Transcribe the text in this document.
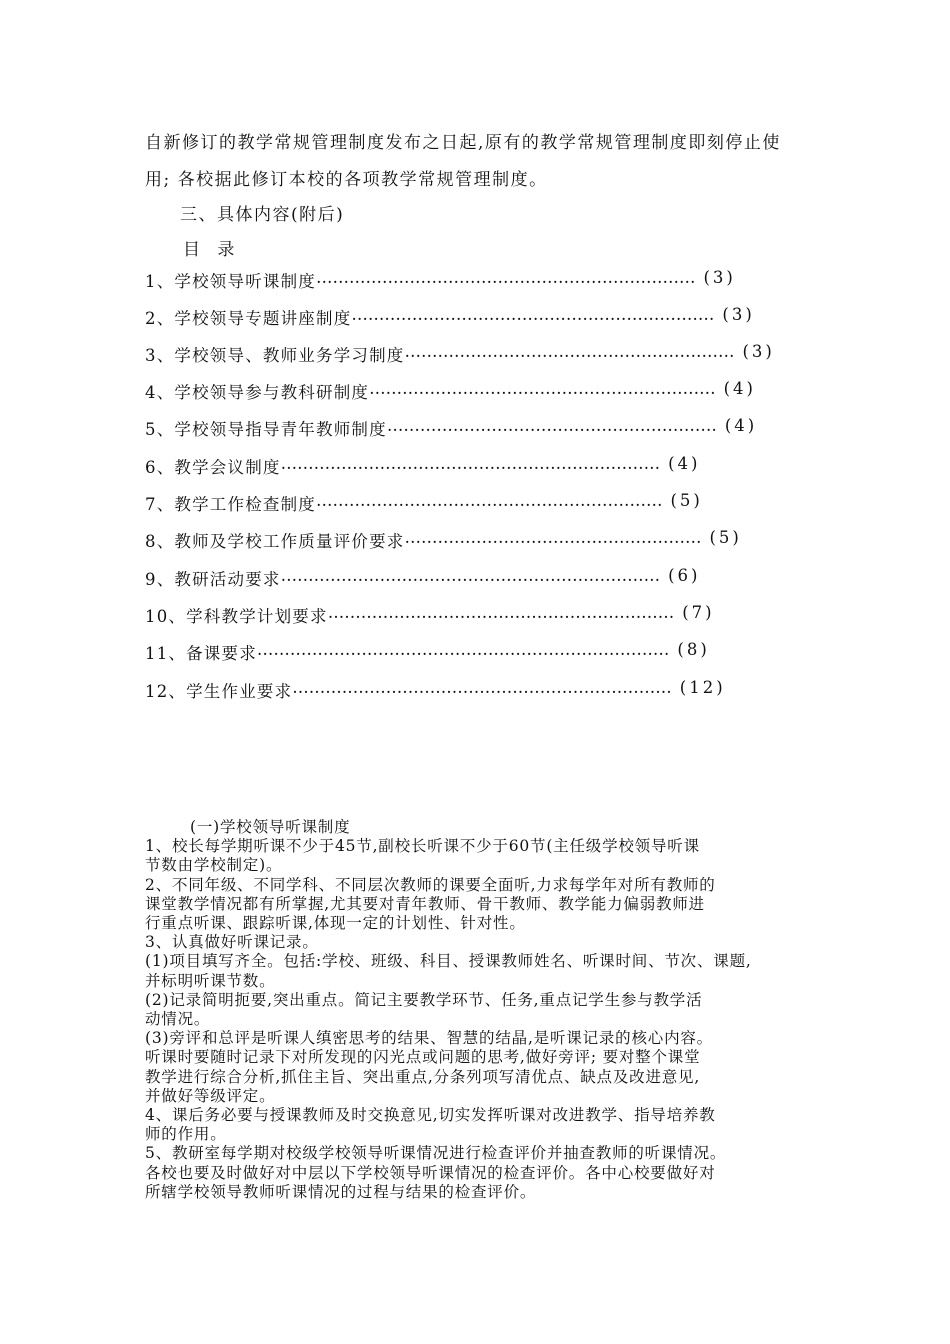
自新修订的教学常规管理制度发布之日起,原有的教学常规管理制度即刻停止使
用; 各校据此修订本校的各项教学常规管理制度。
三、具体内容(附后)
目 录
1、学校领导听课制度 …………………………………………………………… (3)
2、学校领导专题讲座制度 ………………………………………………………… (3)
3、学校领导、教师业务学习制度 …………………………………………………… (3)
4、学校领导参与教科研制度 ……………………………………………………… (4)
5、学校领导指导青年教师制度 …………………………………………………… (4)
6、教学会议制度 …………………………………………………………… (4)
7、教学工作检查制度 ……………………………………………………… (5)
8、教师及学校工作质量评价要求 ……………………………………………… (5)
9、教研活动要求 …………………………………………………………… (6)
10、学科教学计划要求 ……………………………………………………… (7)
11、备课要求 ………………………………………………………………… (8)
12、学生作业要求 …………………………………………………………… (12)
(一)学校领导听课制度
1、校长每学期听课不少于45节,副校长听课不少于60节(主任级学校领导听课
节数由学校制定)。
2、不同年级、不同学科、不同层次教师的课要全面听,力求每学年对所有教师的
课堂教学情况都有所掌握,尤其要对青年教师、骨干教师、教学能力偏弱教师进
行重点听课、跟踪听课,体现一定的计划性、针对性。
3、认真做好听课记录。
(1)项目填写齐全。包括:学校、班级、科目、授课教师姓名、听课时间、节次、课题,
并标明听课节数。
(2)记录简明扼要,突出重点。简记主要教学环节、任务,重点记学生参与教学活
动情况。
(3)旁评和总评是听课人缜密思考的结果、智慧的结晶,是听课记录的核心内容。
听课时要随时记录下对所发现的闪光点或问题的思考,做好旁评; 要对整个课堂
教学进行综合分析,抓住主旨、突出重点,分条列项写清优点、缺点及改进意见,
并做好等级评定。
4、课后务必要与授课教师及时交换意见,切实发挥听课对改进教学、指导培养教
师的作用。
5、教研室每学期对校级学校领导听课情况进行检查评价并抽查教师的听课情况。
各校也要及时做好对中层以下学校领导听课情况的检查评价。各中心校要做好对
所辖学校领导教师听课情况的过程与结果的检查评价。
